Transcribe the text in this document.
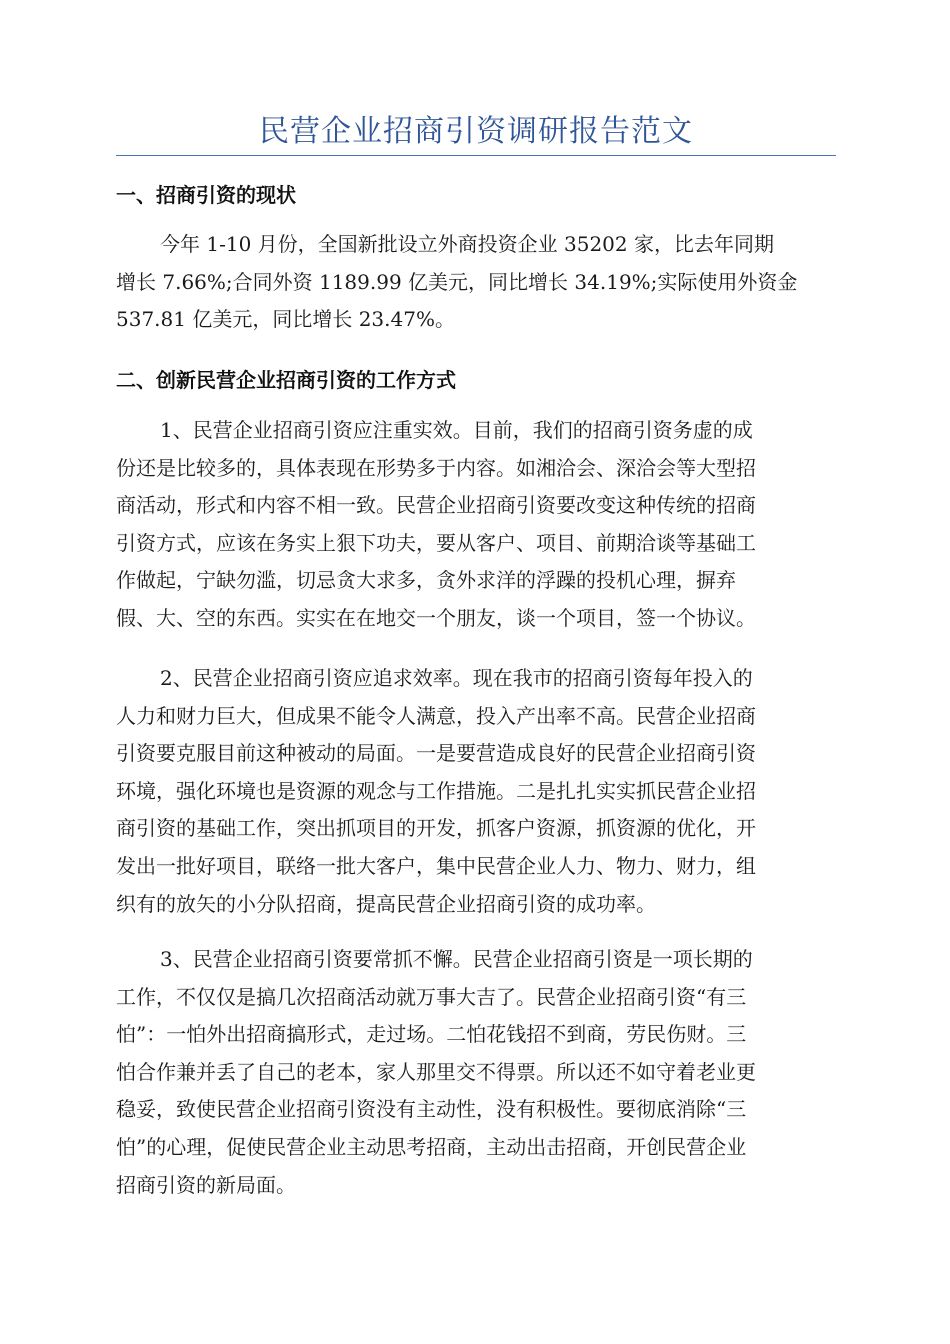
民营企业招商引资调研报告范文
一、招商引资的现状
今年 1-10 月份，全国新批设立外商投资企业 35202 家，比去年同期
增长 7.66%;合同外资 1189.99 亿美元，同比增长 34.19%;实际使用外资金
537.81 亿美元，同比增长 23.47%。
二、创新民营企业招商引资的工作方式
1、民营企业招商引资应注重实效。目前，我们的招商引资务虚的成
份还是比较多的，具体表现在形势多于内容。如湘洽会、深洽会等大型招
商活动，形式和内容不相一致。民营企业招商引资要改变这种传统的招商
引资方式，应该在务实上狠下功夫，要从客户、项目、前期洽谈等基础工
作做起，宁缺勿滥，切忌贪大求多，贪外求洋的浮躁的投机心理，摒弃
假、大、空的东西。实实在在地交一个朋友，谈一个项目，签一个协议。
2、民营企业招商引资应追求效率。现在我市的招商引资每年投入的
人力和财力巨大，但成果不能令人满意，投入产出率不高。民营企业招商
引资要克服目前这种被动的局面。一是要营造成良好的民营企业招商引资
环境，强化环境也是资源的观念与工作措施。二是扎扎实实抓民营企业招
商引资的基础工作，突出抓项目的开发，抓客户资源，抓资源的优化，开
发出一批好项目，联络一批大客户，集中民营企业人力、物力、财力，组
织有的放矢的小分队招商，提高民营企业招商引资的成功率。
3、民营企业招商引资要常抓不懈。民营企业招商引资是一项长期的
工作，不仅仅是搞几次招商活动就万事大吉了。民营企业招商引资“有三
怕”：一怕外出招商搞形式，走过场。二怕花钱招不到商，劳民伤财。三
怕合作兼并丢了自己的老本，家人那里交不得票。所以还不如守着老业更
稳妥，致使民营企业招商引资没有主动性，没有积极性。要彻底消除“三
怕”的心理，促使民营企业主动思考招商，主动出击招商，开创民营企业
招商引资的新局面。
